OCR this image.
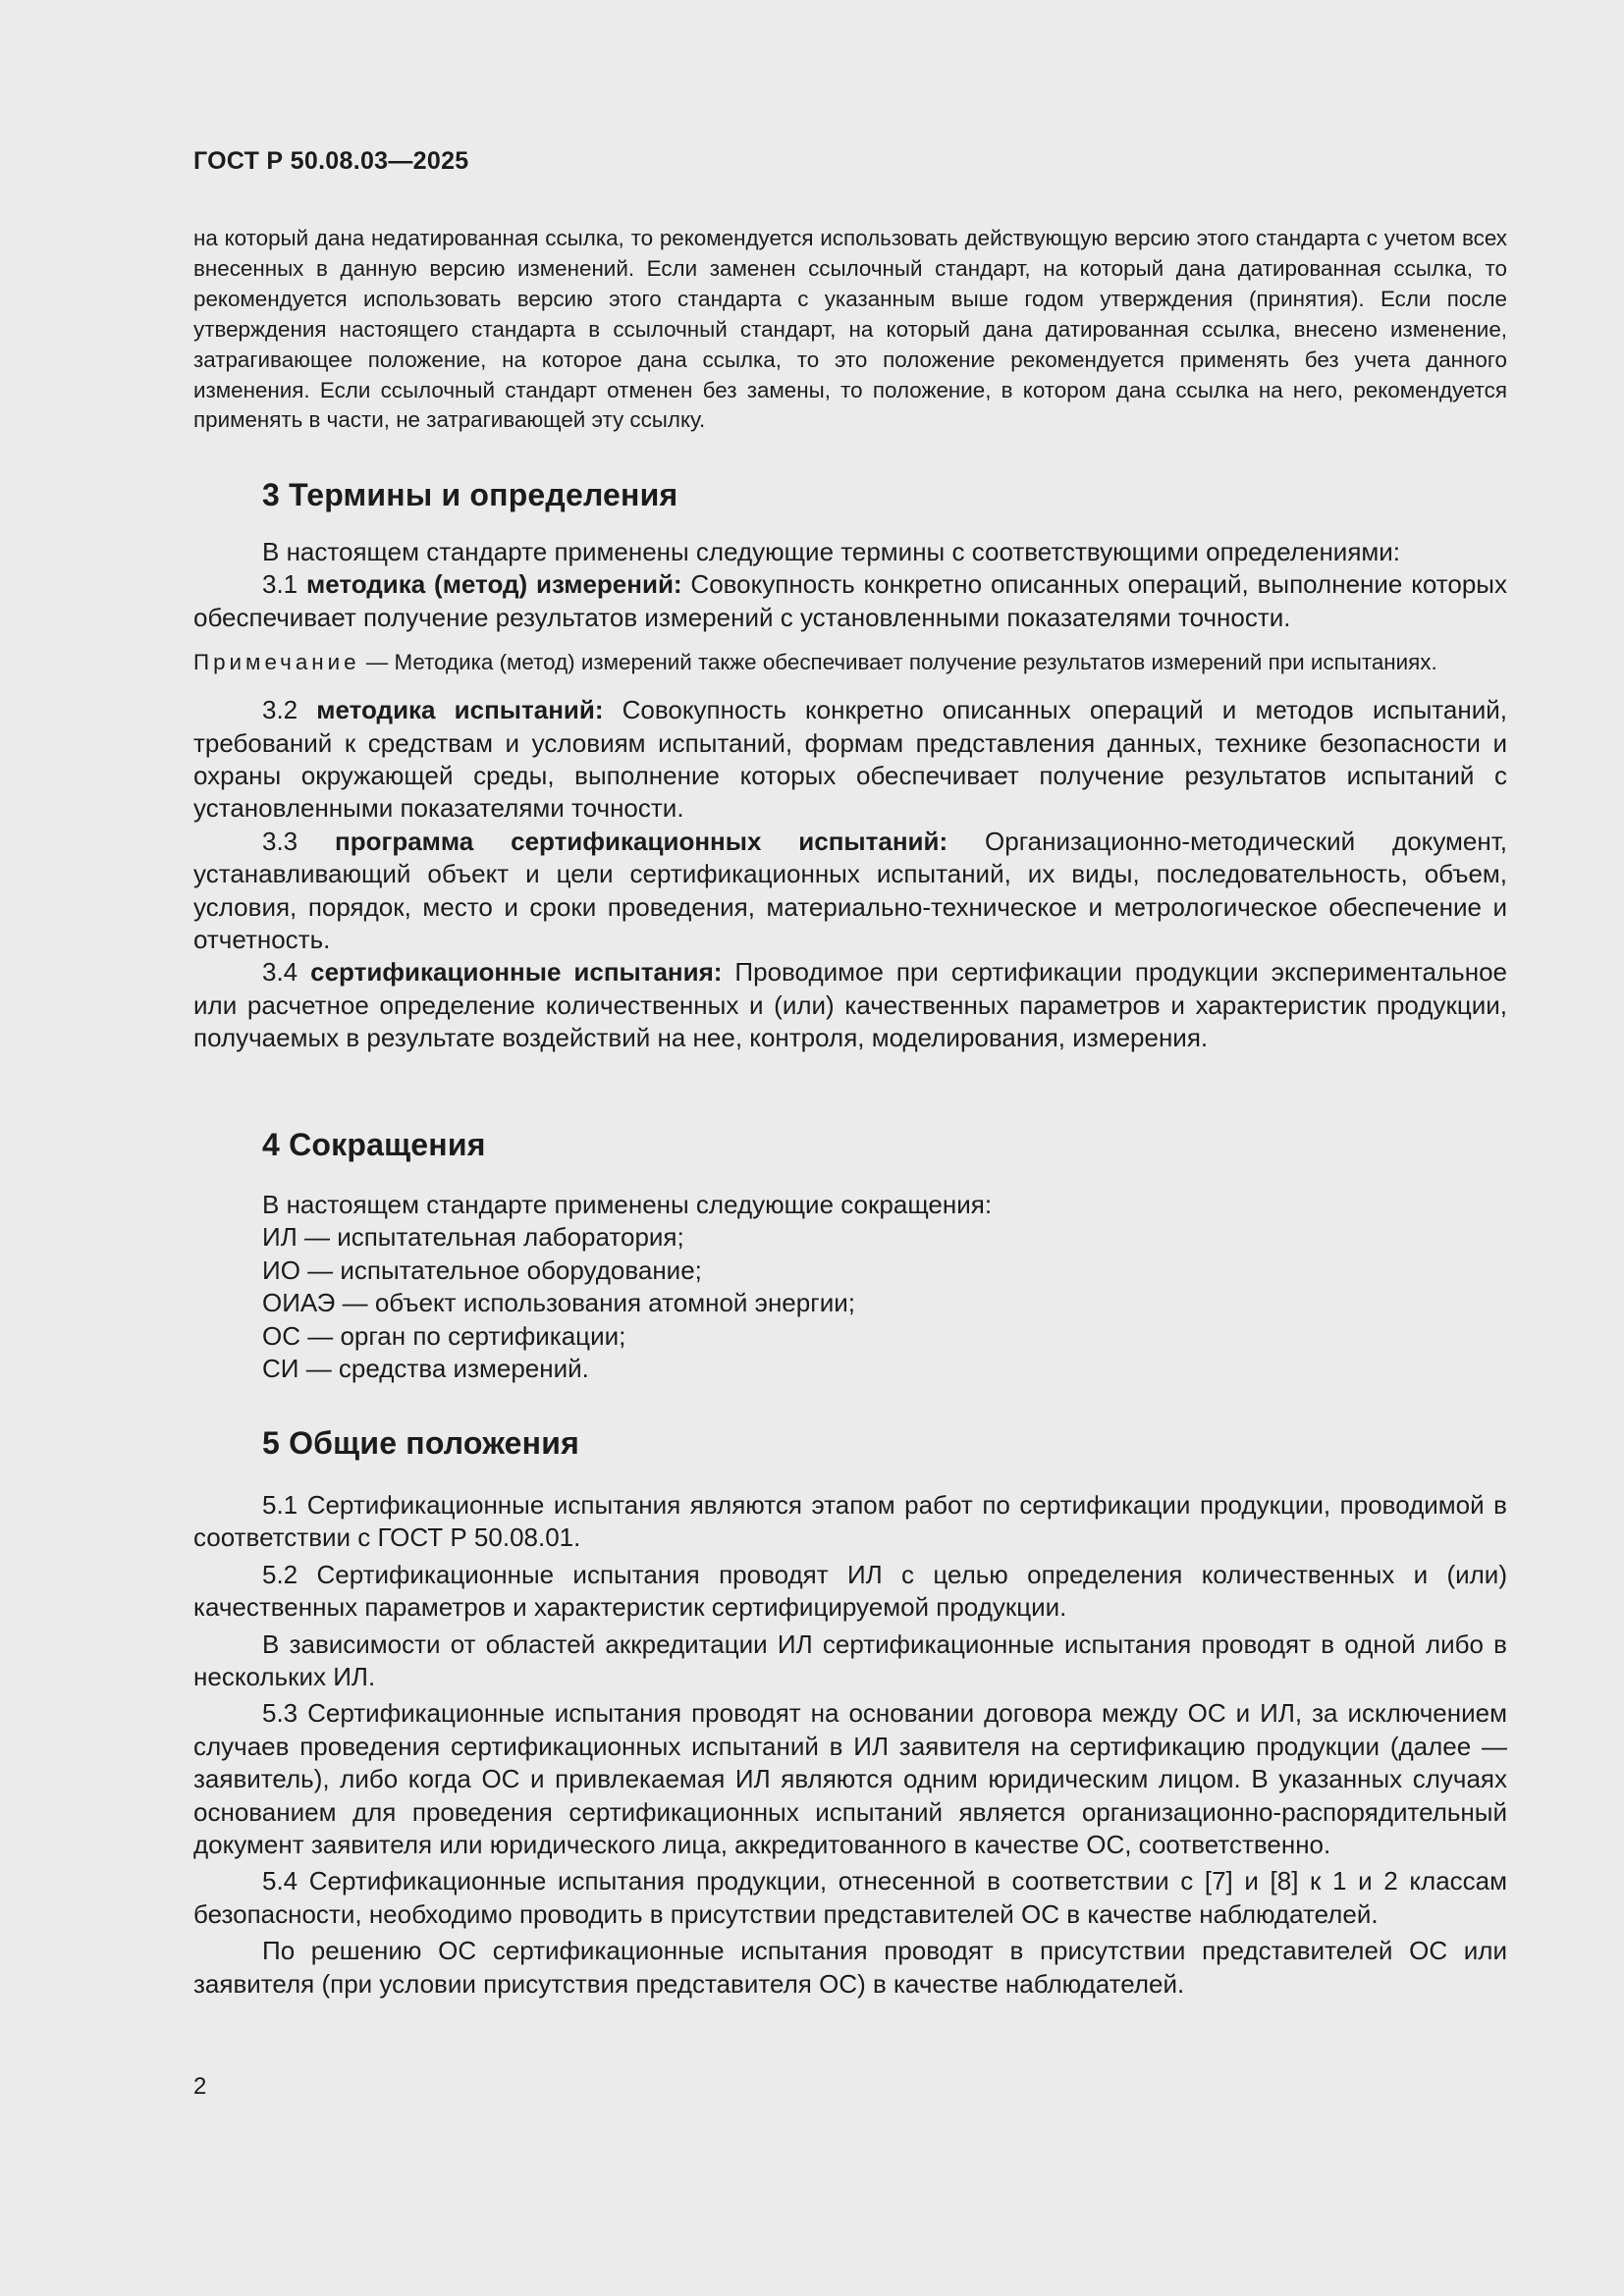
ГОСТ Р 50.08.03—2025

на который дана недатированная ссылка, то рекомендуется использовать действующую версию этого стандарта с учетом всех внесенных в данную версию изменений. Если заменен ссылочный стандарт, на который дана датированная ссылка, то рекомендуется использовать версию этого стандарта с указанным выше годом утверждения (принятия). Если после утверждения настоящего стандарта в ссылочный стандарт, на который дана датированная ссылка, внесено изменение, затрагивающее положение, на которое дана ссылка, то это положение рекомендуется применять без учета данного изменения. Если ссылочный стандарт отменен без замены, то положение, в котором дана ссылка на него, рекомендуется применять в части, не затрагивающей эту ссылку.

3 Термины и определения

В настоящем стандарте применены следующие термины с соответствующими определениями:

3.1 методика (метод) измерений: Совокупность конкретно описанных операций, выполнение которых обеспечивает получение результатов измерений с установленными показателями точности.

Примечание — Методика (метод) измерений также обеспечивает получение результатов измерений при испытаниях.

3.2 методика испытаний: Совокупность конкретно описанных операций и методов испытаний, требований к средствам и условиям испытаний, формам представления данных, технике безопасности и охраны окружающей среды, выполнение которых обеспечивает получение результатов испытаний с установленными показателями точности.

3.3 программа сертификационных испытаний: Организационно-методический документ, устанавливающий объект и цели сертификационных испытаний, их виды, последовательность, объем, условия, порядок, место и сроки проведения, материально-техническое и метрологическое обеспечение и отчетность.

3.4 сертификационные испытания: Проводимое при сертификации продукции экспериментальное или расчетное определение количественных и (или) качественных параметров и характеристик продукции, получаемых в результате воздействий на нее, контроля, моделирования, измерения.

4 Сокращения

В настоящем стандарте применены следующие сокращения:

ИЛ — испытательная лаборатория;

ИО — испытательное оборудование;

ОИАЭ — объект использования атомной энергии;

ОС — орган по сертификации;

СИ — средства измерений.

5 Общие положения

5.1 Сертификационные испытания являются этапом работ по сертификации продукции, проводимой в соответствии с ГОСТ Р 50.08.01.

5.2 Сертификационные испытания проводят ИЛ с целью определения количественных и (или) качественных параметров и характеристик сертифицируемой продукции.

В зависимости от областей аккредитации ИЛ сертификационные испытания проводят в одной либо в нескольких ИЛ.

5.3 Сертификационные испытания проводят на основании договора между ОС и ИЛ, за исключением случаев проведения сертификационных испытаний в ИЛ заявителя на сертификацию продукции (далее — заявитель), либо когда ОС и привлекаемая ИЛ являются одним юридическим лицом. В указанных случаях основанием для проведения сертификационных испытаний является организационно-распорядительный документ заявителя или юридического лица, аккредитованного в качестве ОС, соответственно.

5.4 Сертификационные испытания продукции, отнесенной в соответствии с [7] и [8] к 1 и 2 классам безопасности, необходимо проводить в присутствии представителей ОС в качестве наблюдателей.

По решению ОС сертификационные испытания проводят в присутствии представителей ОС или заявителя (при условии присутствия представителя ОС) в качестве наблюдателей.

2
